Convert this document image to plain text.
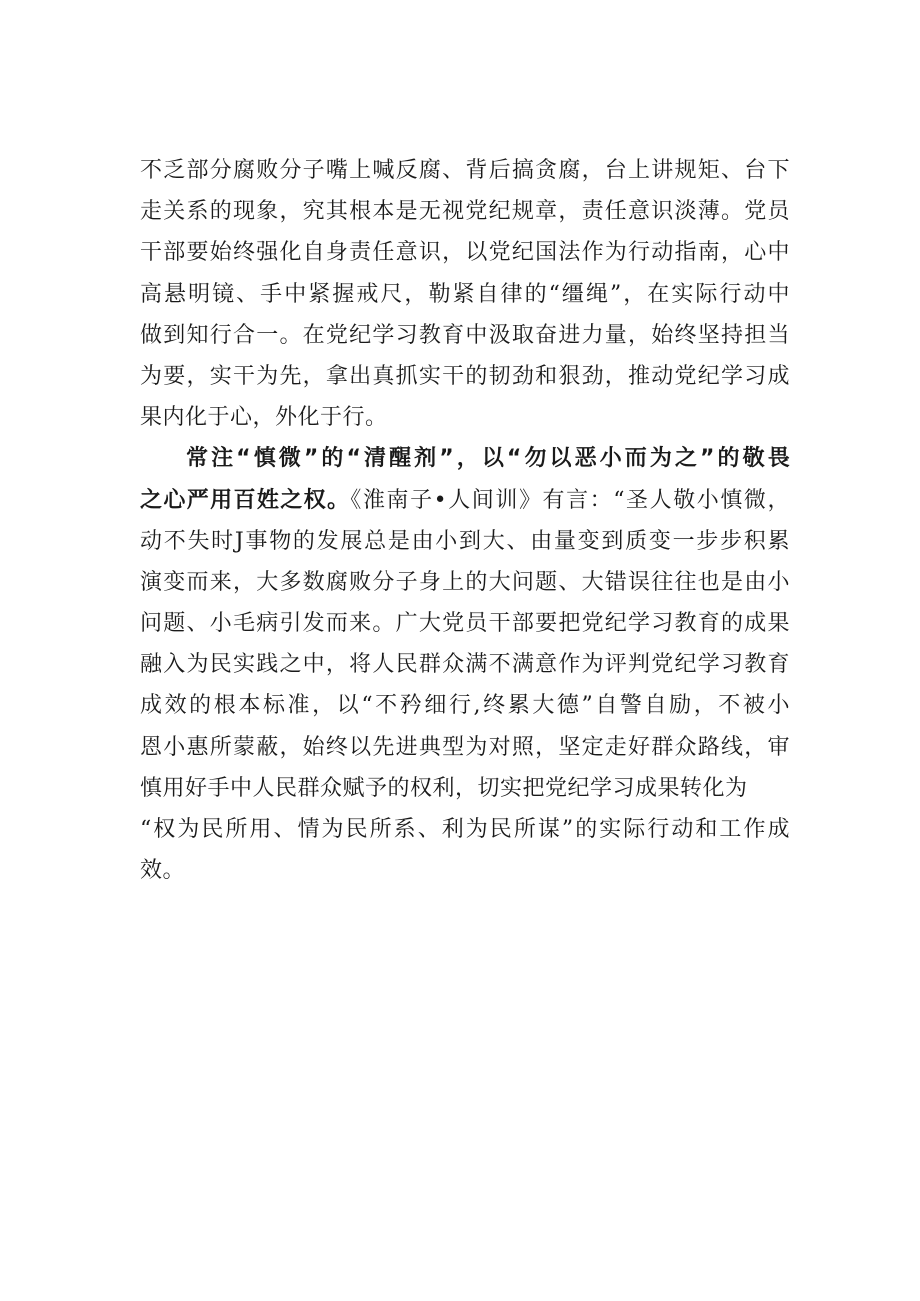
不乏部分腐败分子嘴上喊反腐、背后搞贪腐，台上讲规矩、台下
走关系的现象，究其根本是无视党纪规章，责任意识淡薄。党员
干部要始终强化自身责任意识，以党纪国法作为行动指南，心中
高悬明镜、手中紧握戒尺，勒紧自律的“缰绳”，在实际行动中
做到知行合一。在党纪学习教育中汲取奋进力量，始终坚持担当
为要，实干为先，拿出真抓实干的韧劲和狠劲，推动党纪学习成
果内化于心，外化于行。
常注“慎微”的“清醒剂”，以“勿以恶小而为之”的敬畏
之心严用百姓之权。《淮南子•人间训》有言：“圣人敬小慎微，
动不失时J事物的发展总是由小到大、由量变到质变一步步积累
演变而来，大多数腐败分子身上的大问题、大错误往往也是由小
问题、小毛病引发而来。广大党员干部要把党纪学习教育的成果
融入为民实践之中，将人民群众满不满意作为评判党纪学习教育
成效的根本标准，以“不矜细行,终累大德”自警自励，不被小
恩小惠所蒙蔽，始终以先进典型为对照，坚定走好群众路线，审
慎用好手中人民群众赋予的权利，切实把党纪学习成果转化为
“权为民所用、情为民所系、利为民所谋”的实际行动和工作成
效。
